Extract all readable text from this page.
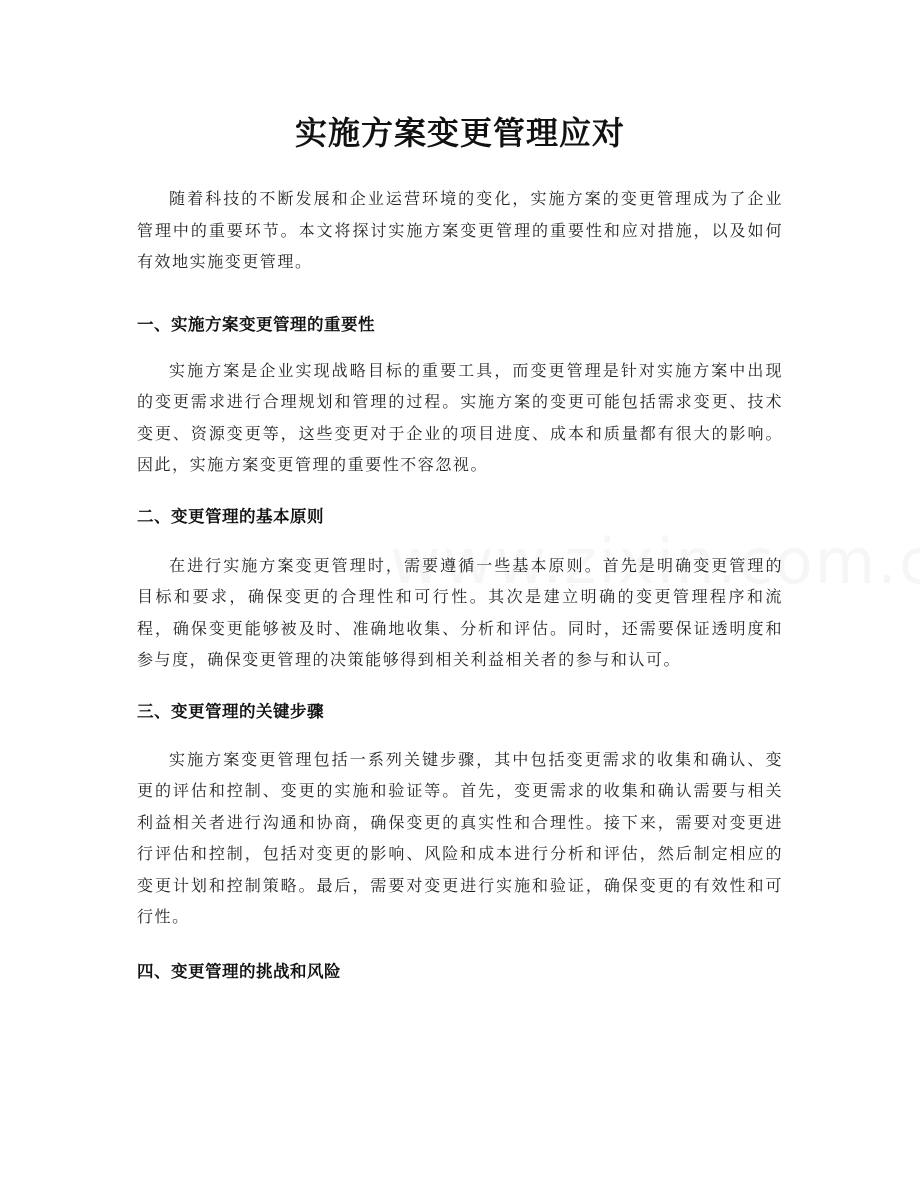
实施方案变更管理应对

随着科技的不断发展和企业运营环境的变化，实施方案的变更管理成为了企业管理中的重要环节。本文将探讨实施方案变更管理的重要性和应对措施，以及如何有效地实施变更管理。

一、实施方案变更管理的重要性

实施方案是企业实现战略目标的重要工具，而变更管理是针对实施方案中出现的变更需求进行合理规划和管理的过程。实施方案的变更可能包括需求变更、技术变更、资源变更等，这些变更对于企业的项目进度、成本和质量都有很大的影响。因此，实施方案变更管理的重要性不容忽视。

二、变更管理的基本原则

在进行实施方案变更管理时，需要遵循一些基本原则。首先是明确变更管理的目标和要求，确保变更的合理性和可行性。其次是建立明确的变更管理程序和流程，确保变更能够被及时、准确地收集、分析和评估。同时，还需要保证透明度和参与度，确保变更管理的决策能够得到相关利益相关者的参与和认可。

三、变更管理的关键步骤

实施方案变更管理包括一系列关键步骤，其中包括变更需求的收集和确认、变更的评估和控制、变更的实施和验证等。首先，变更需求的收集和确认需要与相关利益相关者进行沟通和协商，确保变更的真实性和合理性。接下来，需要对变更进行评估和控制，包括对变更的影响、风险和成本进行分析和评估，然后制定相应的变更计划和控制策略。最后，需要对变更进行实施和验证，确保变更的有效性和可行性。

四、变更管理的挑战和风险
